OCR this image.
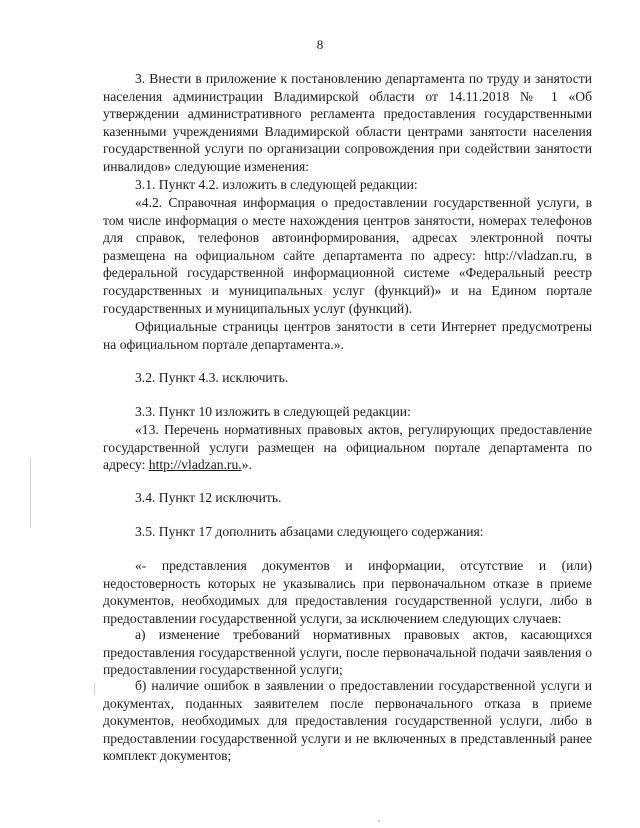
8

3. Внести в приложение к постановлению департамента по труду и занятости населения администрации Владимирской области от 14.11.2018 № 1 «Об утверждении административного регламента предоставления государственными казенными учреждениями Владимирской области центрами занятости населения государственной услуги по организации сопровождения при содействии занятости инвалидов» следующие изменения:

3.1. Пункт 4.2. изложить в следующей редакции:

«4.2. Справочная информация о предоставлении государственной услуги, в том числе информация о месте нахождения центров занятости, номерах телефонов для справок, телефонов автоинформирования, адресах электронной почты размещена на официальном сайте департамента по адресу: http://vladzan.ru, в федеральной государственной информационной системе «Федеральный реестр государственных и муниципальных услуг (функций)» и на Едином портале государственных и муниципальных услуг (функций).

Официальные страницы центров занятости в сети Интернет предусмотрены на официальном портале департамента.».

3.2. Пункт 4.3. исключить.

3.3. Пункт 10 изложить в следующей редакции:

«13. Перечень нормативных правовых актов, регулирующих предоставление государственной услуги размещен на официальном портале департамента по адресу: http://vladzan.ru.».

3.4. Пункт 12 исключить.

3.5. Пункт 17 дополнить абзацами следующего содержания:

«- представления документов и информации, отсутствие и (или) недостоверность которых не указывались при первоначальном отказе в приеме документов, необходимых для предоставления государственной услуги, либо в предоставлении государственной услуги, за исключением следующих случаев:

а) изменение требований нормативных правовых актов, касающихся предоставления государственной услуги, после первоначальной подачи заявления о предоставлении государственной услуги;

б) наличие ошибок в заявлении о предоставлении государственной услуги и документах, поданных заявителем после первоначального отказа в приеме документов, необходимых для предоставления государственной услуги, либо в предоставлении государственной услуги и не включенных в представленный ранее комплект документов;
